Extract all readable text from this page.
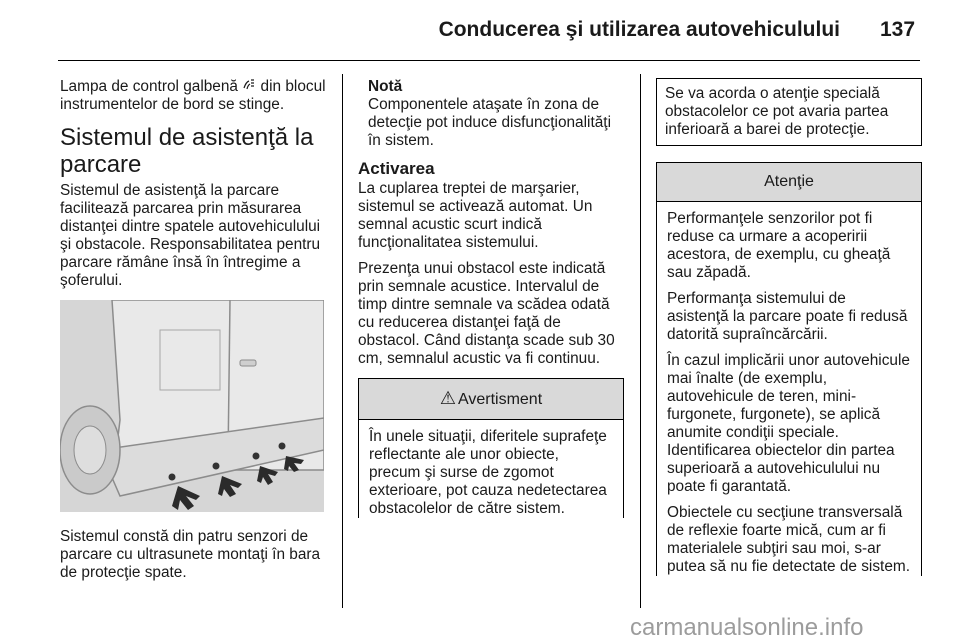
Conducerea şi utilizarea autovehiculului 137

Lampa de control galbenă din blocul instrumentelor de bord se stinge.

Sistemul de asistenţă la parcare

Sistemul de asistenţă la parcare facilitează parcarea prin măsurarea distanţei dintre spatele autovehiculului şi obstacole. Responsabilitatea pentru parcare rămâne însă în întregime a şoferului.

Sistemul constă din patru senzori de parcare cu ultrasunete montaţi în bara de protecţie spate.

Notă
Componentele ataşate în zona de detecţie pot induce disfuncţionalităţi în sistem.
Activarea

La cuplarea treptei de marşarier, sistemul se activează automat. Un semnal acustic scurt indică funcţionalitatea sistemului.

Prezenţa unui obstacol este indicată prin semnale acustice. Intervalul de timp dintre semnale va scădea odată cu reducerea distanţei faţă de obstacol. Când distanţa scade sub 30 cm, semnalul acustic va fi continuu.

⚠ Avertisment

În unele situaţii, diferitele suprafeţe reflectante ale unor obiecte, precum şi surse de zgomot exterioare, pot cauza nedetectarea obstacolelor de către sistem.

Se va acorda o atenţie specială obstacolelor ce pot avaria partea inferioară a barei de protecţie.
Atenţie

Performanţele senzorilor pot fi reduse ca urmare a acoperirii acestora, de exemplu, cu gheaţă sau zăpadă.

Performanţa sistemului de asistenţă la parcare poate fi redusă datorită supraîncărcării.

În cazul implicării unor autovehicule mai înalte (de exemplu, autovehicule de teren, mini-furgonete, furgonete), se aplică anumite condiţii speciale. Identificarea obiectelor din partea superioară a autovehiculului nu poate fi garantată.

Obiectele cu secţiune transversală de reflexie foarte mică, cum ar fi materialele subţiri sau moi, s-ar putea să nu fie detectate de sistem.

carmanualsonline.info
